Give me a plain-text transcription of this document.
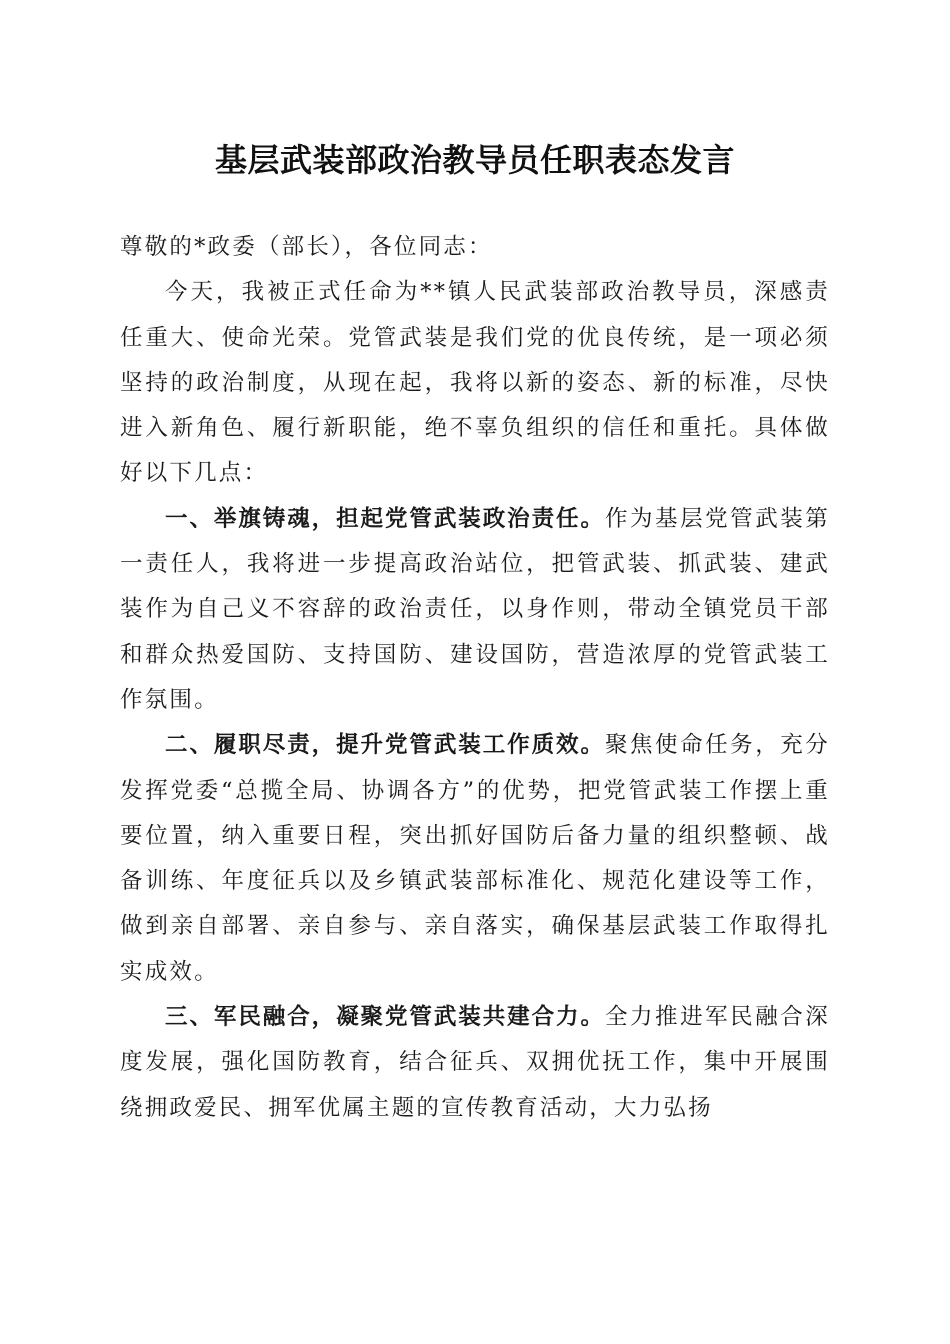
基层武装部政治教导员任职表态发言

尊敬的*政委（部长），各位同志：

今天，我被正式任命为**镇人民武装部政治教导员，深感责任重大、使命光荣。党管武装是我们党的优良传统，是一项必须坚持的政治制度，从现在起，我将以新的姿态、新的标准，尽快进入新角色、履行新职能，绝不辜负组织的信任和重托。具体做好以下几点：

一、举旗铸魂，担起党管武装政治责任。作为基层党管武装第一责任人，我将进一步提高政治站位，把管武装、抓武装、建武装作为自己义不容辞的政治责任，以身作则，带动全镇党员干部和群众热爱国防、支持国防、建设国防，营造浓厚的党管武装工作氛围。

二、履职尽责，提升党管武装工作质效。聚焦使命任务，充分发挥党委“总揽全局、协调各方”的优势，把党管武装工作摆上重要位置，纳入重要日程，突出抓好国防后备力量的组织整顿、战备训练、年度征兵以及乡镇武装部标准化、规范化建设等工作，做到亲自部署、亲自参与、亲自落实，确保基层武装工作取得扎实成效。

三、军民融合，凝聚党管武装共建合力。全力推进军民融合深度发展，强化国防教育，结合征兵、双拥优抚工作，集中开展围绕拥政爱民、拥军优属主题的宣传教育活动，大力弘扬
